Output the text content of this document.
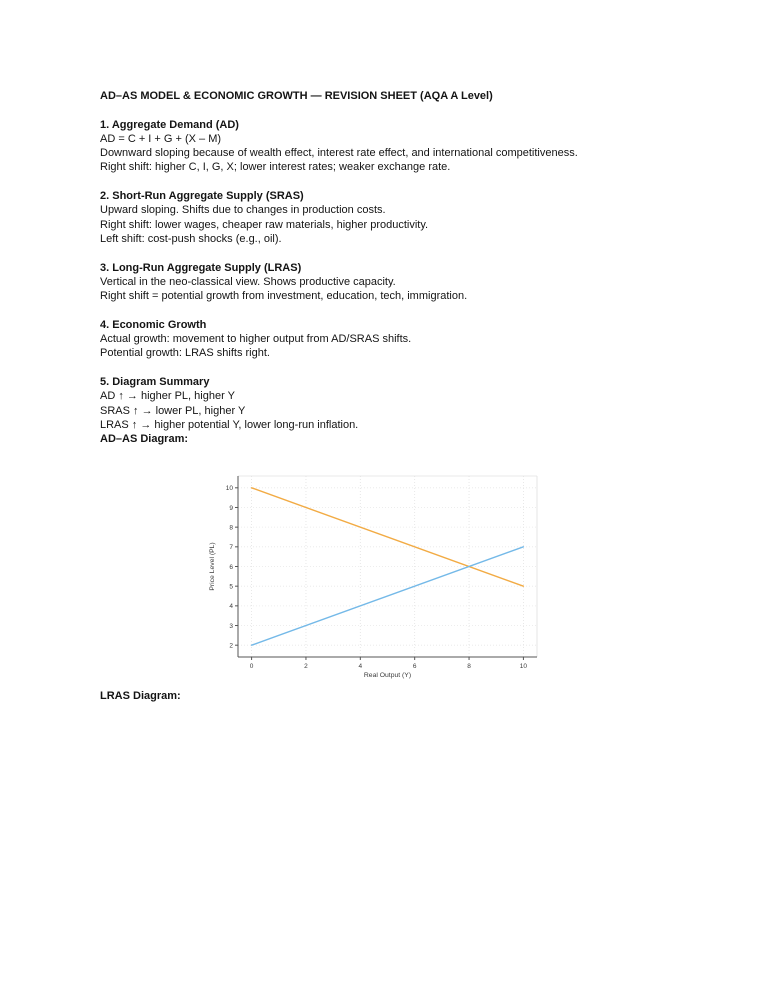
AD–AS MODEL & ECONOMIC GROWTH — REVISION SHEET (AQA A Level)

1. Aggregate Demand (AD)

AD = C + I + G + (X – M)

Downward sloping because of wealth effect, interest rate effect, and international competitiveness.

Right shift: higher C, I, G, X; lower interest rates; weaker exchange rate.

2. Short-Run Aggregate Supply (SRAS)

Upward sloping. Shifts due to changes in production costs.

Right shift: lower wages, cheaper raw materials, higher productivity.

Left shift: cost-push shocks (e.g., oil).

3. Long-Run Aggregate Supply (LRAS)

Vertical in the neo-classical view. Shows productive capacity.

Right shift = potential growth from investment, education, tech, immigration.

4. Economic Growth

Actual growth: movement to higher output from AD/SRAS shifts.

Potential growth: LRAS shifts right.

5. Diagram Summary

AD ↑ → higher PL, higher Y

SRAS ↑ → lower PL, higher Y

LRAS ↑ → higher potential Y, lower long-run inflation.

AD–AS Diagram:

0	2	4	6	8	10
2
3
4
5
6
7
8
9
10
Real Output (Y)
Price Level (PL)

LRAS Diagram:
